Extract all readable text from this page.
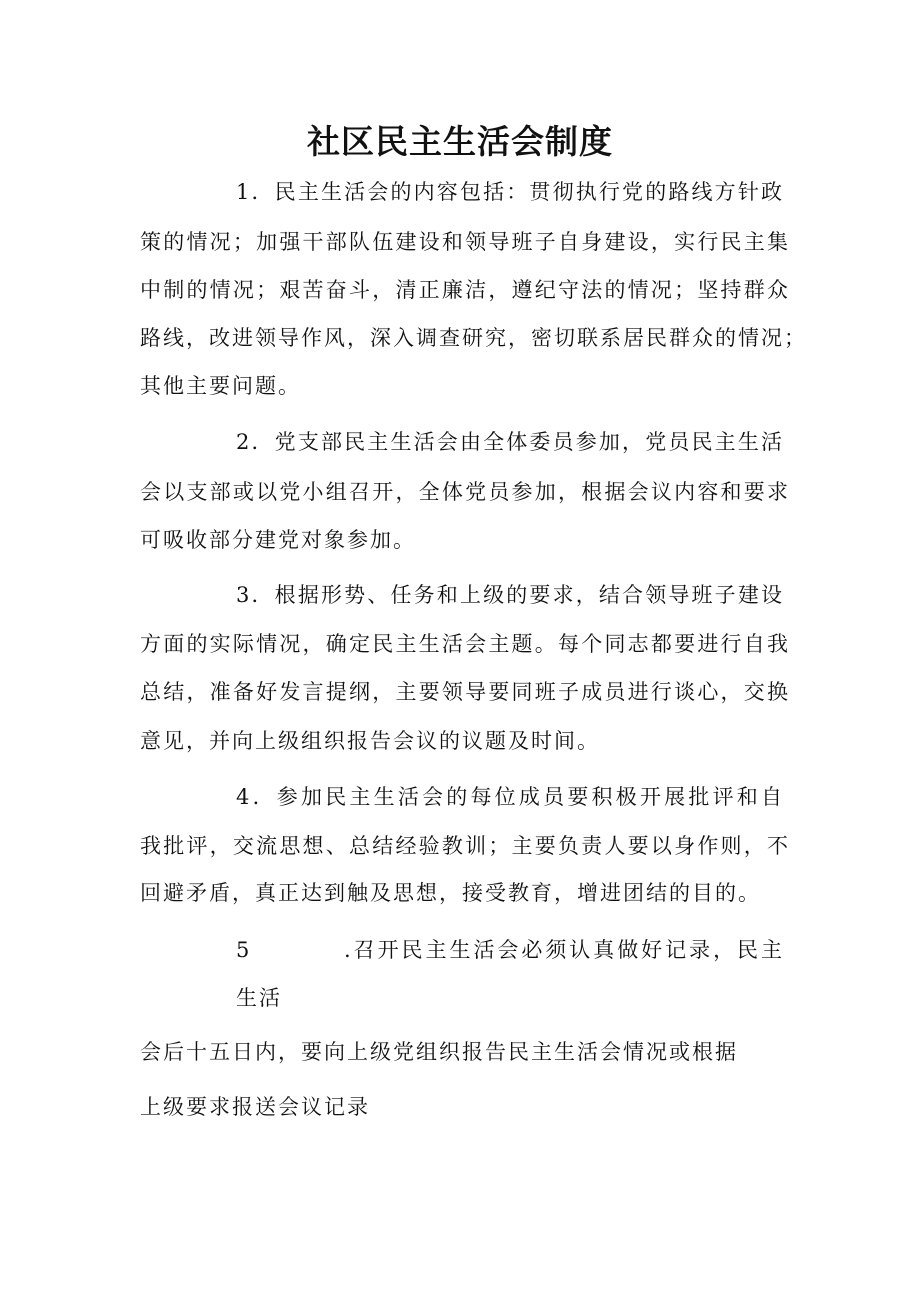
社区民主生活会制度
1．民主生活会的内容包括：贯彻执行党的路线方针政
策的情况；加强干部队伍建设和领导班子自身建设，实行民主集
中制的情况；艰苦奋斗，清正廉洁，遵纪守法的情况；坚持群众
路线，改进领导作风，深入调查研究，密切联系居民群众的情况；
其他主要问题。
2．党支部民主生活会由全体委员参加，党员民主生活
会以支部或以党小组召开，全体党员参加，根据会议内容和要求
可吸收部分建党对象参加。
3．根据形势、任务和上级的要求，结合领导班子建设
方面的实际情况，确定民主生活会主题。每个同志都要进行自我
总结，准备好发言提纲，主要领导要同班子成员进行谈心，交换
意见，并向上级组织报告会议的议题及时间。
4．参加民主生活会的每位成员要积极开展批评和自
我批评，交流思想、总结经验教训；主要负责人要以身作则，不
回避矛盾，真正达到触及思想，接受教育，增进团结的目的。
5	.召开民主生活会必须认真做好记录，民主
生活
会后十五日内，要向上级党组织报告民主生活会情况或根据
上级要求报送会议记录
